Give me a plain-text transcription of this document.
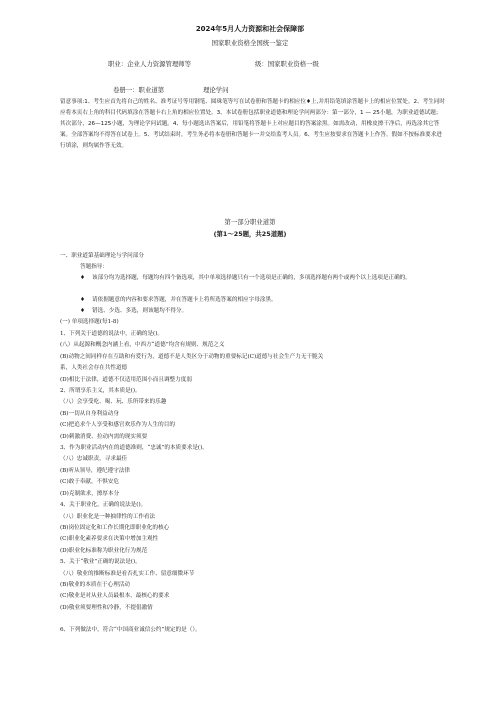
2024年5月人力资源和社会保障部
国家职业资格全国统一鉴定
职业：企业人力资源管理师等	级：国家职业资格一级
卷册一：职业道第	理论学问
留意事项:1、考生应首先将自己的姓名、准考证号等用钢笔、圆珠笔等写在试卷册和答题卡的相应位♦上,并用铅笔填涂答题卡上的相应位置处。2、考生同时应将本页右上角的科目代码填涂在答题卡右上角的相应位置处。3、本试卷册包括职业道德和理论学问两部分：第一部分，1 — 25小题，为职业道德试题；其次部分，26—125小题，为理论学问试题。4、每小题选出答案后，用铅笔将答题卡上对应题目的答案涂黑。如需改动，用橡皮擦干净后，再选涂其它答案。全部答案均不得答在试卷上。5、考试结束时，考生务必将本卷册和答题卡一并交给监考人员。6、考生应按要求在答题卡上作答。假如不按标准要求进行填涂，则均属作答无效。
第一部分职业道第
(第1〜25题，共25道题)
一、职业道第基础理论与学问部分
答题指导：
♦ 该部分均为选择题，每题均有四个备选项，其中单项选择题只有一个选项是正确的，多项选择题有两个或两个以上选项是正确的。
♦ 请依据题意的内容和要求答题，并在答题卡上将所选答案的相应字母涂黑。
♦ 错选、少选、多选，则该题均不得分。
(一) 单项选择题(每1-8)
1、下列关于道德的说法中，正确的是()。
(八）从起源和概念内涵上看，中西方“道德”均含有规则、规范之义
(B)动物之间同样存在互助和有爱行为，道德不是人类区分于动物的重要标记(C)道德与社会生产力无干脆关
系，人类社会存在共性道德
(D)相比于法律，道德不仅适用范围小而且调整力度弱
2、所谓享乐主义，其本质是()。
（八）会享受吃、喝、玩、乐所带来的乐趣
(B)一切从自身利益动身
(C)把追求个人享受和感官欢乐作为人生的目的
(D)刺激消费、拉动内需的现实须要
3、作为职业活动内在的道德准则，“忠诚”的本质要求是()。
（八）忠诚职责，寻求最佳
(B)听从领导，遵纪遵守法律
(C)敢于奉献，不惧安危
(D)克制欲求，擦厚本分
4、关于职业化，正确的说法是()。
（八）职业化是一种抽律性的工作看法
(B)岗位固定化和工作长期化即职业化的核心
(C)职业化素养要求在决策中增加主观性
(D)职业化标准称为职业化行为规范
5、关于“敬业”正确的说法是()。
（八）敬业的推断标准是看否扎实工作、留意细微环节
(B)敬业的本质在于心理活动
(C)敬业是对从业人员最根本、最核心的要求
(D)敬业须要理性和冷静，不提倡激情
6、下列做法中，符合“中国商业诚信公约”规定的是（）。
